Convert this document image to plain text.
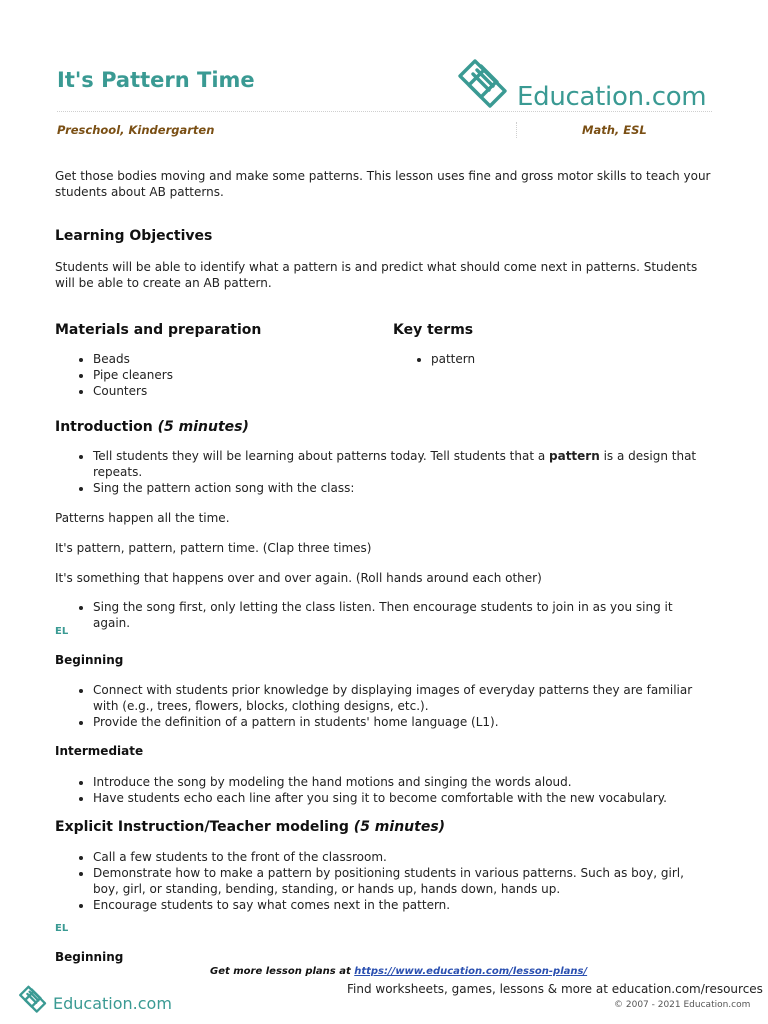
It's Pattern Time
Education.com
Preschool, Kindergarten	Math, ESL

Get those bodies moving and make some patterns. This lesson uses fine and gross motor skills to teach your students about AB patterns.

Learning Objectives

Students will be able to identify what a pattern is and predict what should come next in patterns. Students will be able to create an AB pattern.

Materials and preparation
• Beads
• Pipe cleaners
• Counters
Key terms
• pattern
Introduction (5 minutes)
• Tell students they will be learning about patterns today. Tell students that a pattern is a design that repeats.
• Sing the pattern action song with the class:

Patterns happen all the time.

It's pattern, pattern, pattern time. (Clap three times)

It's something that happens over and over again. (Roll hands around each other)

• Sing the song first, only letting the class listen. Then encourage students to join in as you sing it again.

EL

Beginning

• Connect with students prior knowledge by displaying images of everyday patterns they are familiar with (e.g., trees, flowers, blocks, clothing designs, etc.).
• Provide the definition of a pattern in students' home language (L1).

Intermediate

• Introduce the song by modeling the hand motions and singing the words aloud.
• Have students echo each line after you sing it to become comfortable with the new vocabulary.
Explicit Instruction/Teacher modeling (5 minutes)
• Call a few students to the front of the classroom.
• Demonstrate how to make a pattern by positioning students in various patterns. Such as boy, girl, boy, girl, or standing, bending, standing, or hands up, hands down, hands up.
• Encourage students to say what comes next in the pattern.

EL

Beginning

Get more lesson plans at https://www.education.com/lesson-plans/
Education.com
Find worksheets, games, lessons & more at education.com/resources
© 2007 - 2021 Education.com
